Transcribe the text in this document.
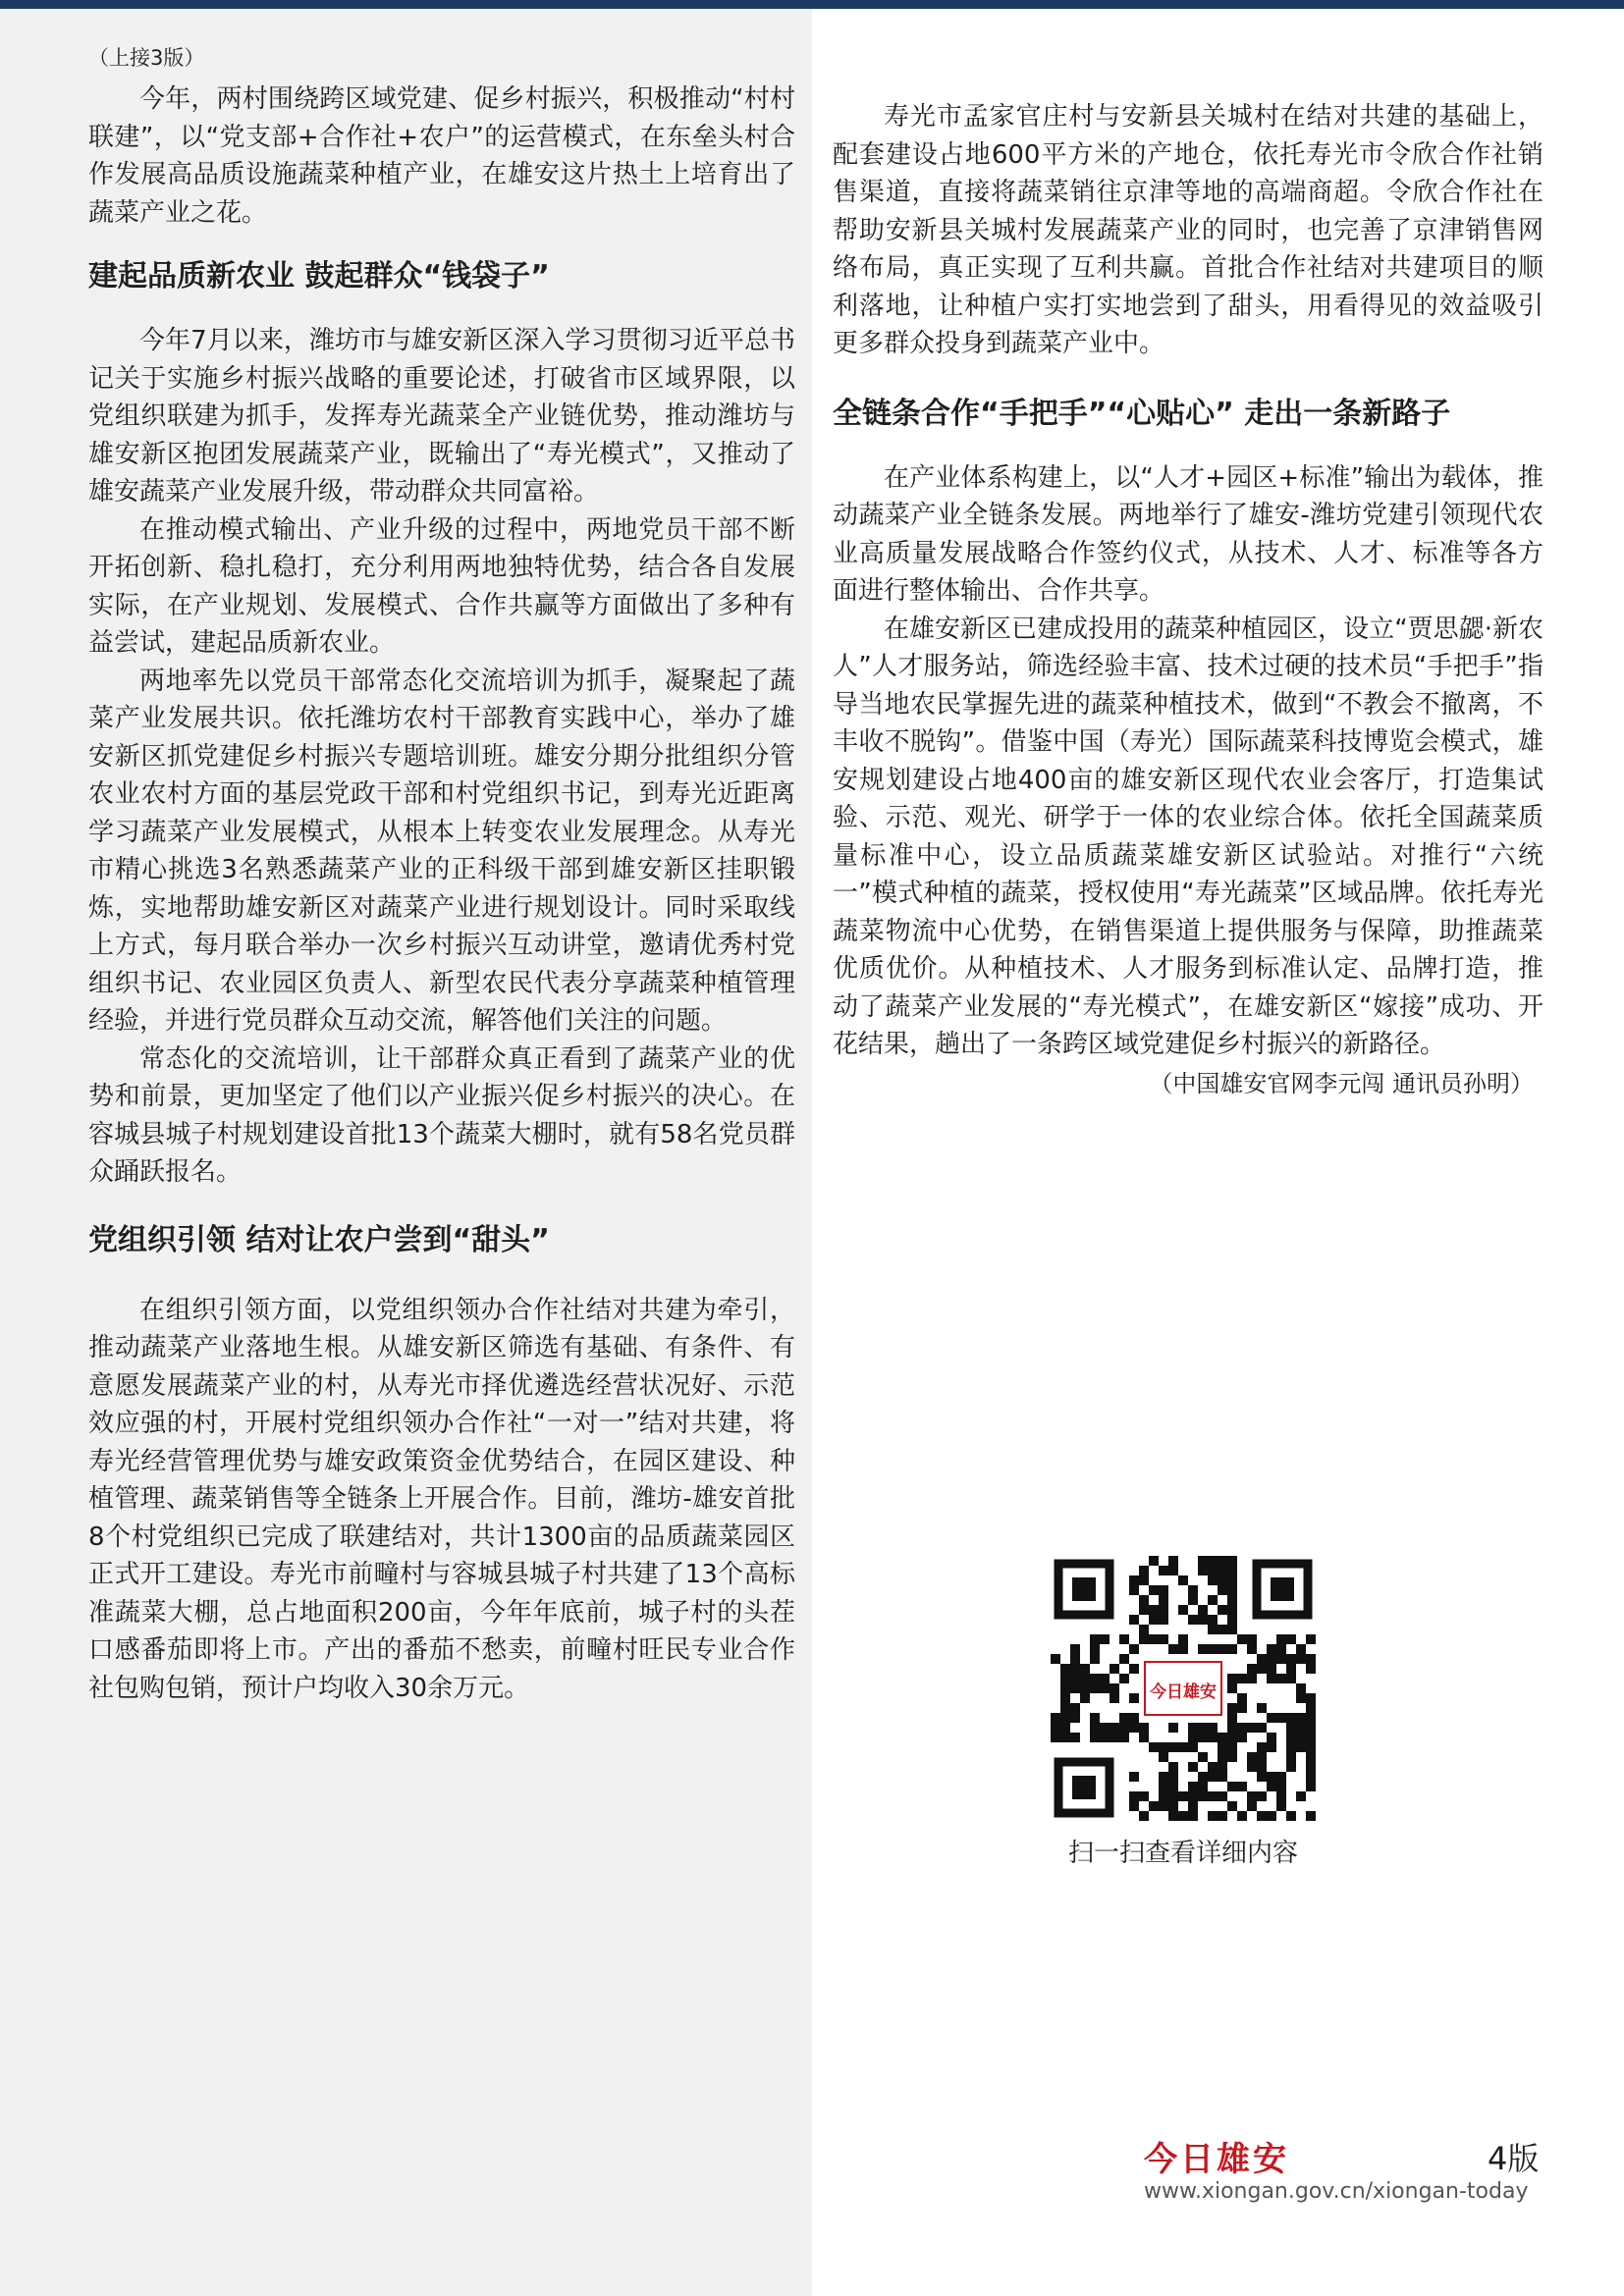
（上接3版）

今年，两村围绕跨区域党建、促乡村振兴，积极推动“村村联建”，以“党支部+合作社+农户”的运营模式，在东垒头村合作发展高品质设施蔬菜种植产业，在雄安这片热土上培育出了蔬菜产业之花。

建起品质新农业 鼓起群众“钱袋子”

今年7月以来，潍坊市与雄安新区深入学习贯彻习近平总书记关于实施乡村振兴战略的重要论述，打破省市区域界限，以党组织联建为抓手，发挥寿光蔬菜全产业链优势，推动潍坊与雄安新区抱团发展蔬菜产业，既输出了“寿光模式”，又推动了雄安蔬菜产业发展升级，带动群众共同富裕。

在推动模式输出、产业升级的过程中，两地党员干部不断开拓创新、稳扎稳打，充分利用两地独特优势，结合各自发展实际，在产业规划、发展模式、合作共赢等方面做出了多种有益尝试，建起品质新农业。

两地率先以党员干部常态化交流培训为抓手，凝聚起了蔬菜产业发展共识。依托潍坊农村干部教育实践中心，举办了雄安新区抓党建促乡村振兴专题培训班。雄安分期分批组织分管农业农村方面的基层党政干部和村党组织书记，到寿光近距离学习蔬菜产业发展模式，从根本上转变农业发展理念。从寿光市精心挑选3名熟悉蔬菜产业的正科级干部到雄安新区挂职锻炼，实地帮助雄安新区对蔬菜产业进行规划设计。同时采取线上方式，每月联合举办一次乡村振兴互动讲堂，邀请优秀村党组织书记、农业园区负责人、新型农民代表分享蔬菜种植管理经验，并进行党员群众互动交流，解答他们关注的问题。

常态化的交流培训，让干部群众真正看到了蔬菜产业的优势和前景，更加坚定了他们以产业振兴促乡村振兴的决心。在容城县城子村规划建设首批13个蔬菜大棚时，就有58名党员群众踊跃报名。

党组织引领 结对让农户尝到“甜头”

在组织引领方面，以党组织领办合作社结对共建为牵引，推动蔬菜产业落地生根。从雄安新区筛选有基础、有条件、有意愿发展蔬菜产业的村，从寿光市择优遴选经营状况好、示范效应强的村，开展村党组织领办合作社“一对一”结对共建，将寿光经营管理优势与雄安政策资金优势结合，在园区建设、种植管理、蔬菜销售等全链条上开展合作。目前，潍坊-雄安首批8个村党组织已完成了联建结对，共计1300亩的品质蔬菜园区正式开工建设。寿光市前疃村与容城县城子村共建了13个高标准蔬菜大棚，总占地面积200亩，今年年底前，城子村的头茬口感番茄即将上市。产出的番茄不愁卖，前疃村旺民专业合作社包购包销，预计户均收入30余万元。

寿光市孟家官庄村与安新县关城村在结对共建的基础上，配套建设占地600平方米的产地仓，依托寿光市令欣合作社销售渠道，直接将蔬菜销往京津等地的高端商超。令欣合作社在帮助安新县关城村发展蔬菜产业的同时，也完善了京津销售网络布局，真正实现了互利共赢。首批合作社结对共建项目的顺利落地，让种植户实打实地尝到了甜头，用看得见的效益吸引更多群众投身到蔬菜产业中。

全链条合作“手把手”“心贴心” 走出一条新路子

在产业体系构建上，以“人才+园区+标准”输出为载体，推动蔬菜产业全链条发展。两地举行了雄安-潍坊党建引领现代农业高质量发展战略合作签约仪式，从技术、人才、标准等各方面进行整体输出、合作共享。

在雄安新区已建成投用的蔬菜种植园区，设立“贾思勰·新农人”人才服务站，筛选经验丰富、技术过硬的技术员“手把手”指导当地农民掌握先进的蔬菜种植技术，做到“不教会不撤离，不丰收不脱钩”。借鉴中国（寿光）国际蔬菜科技博览会模式，雄安规划建设占地400亩的雄安新区现代农业会客厅，打造集试验、示范、观光、研学于一体的农业综合体。依托全国蔬菜质量标准中心，设立品质蔬菜雄安新区试验站。对推行“六统一”模式种植的蔬菜，授权使用“寿光蔬菜”区域品牌。依托寿光蔬菜物流中心优势，在销售渠道上提供服务与保障，助推蔬菜优质优价。从种植技术、人才服务到标准认定、品牌打造，推动了蔬菜产业发展的“寿光模式”，在雄安新区“嫁接”成功、开花结果，趟出了一条跨区域党建促乡村振兴的新路径。

（中国雄安官网李元闯 通讯员孙明）

今日雄安
扫一扫查看详细内容
今日雄安	4版
www.xiongan.gov.cn/xiongan-today
